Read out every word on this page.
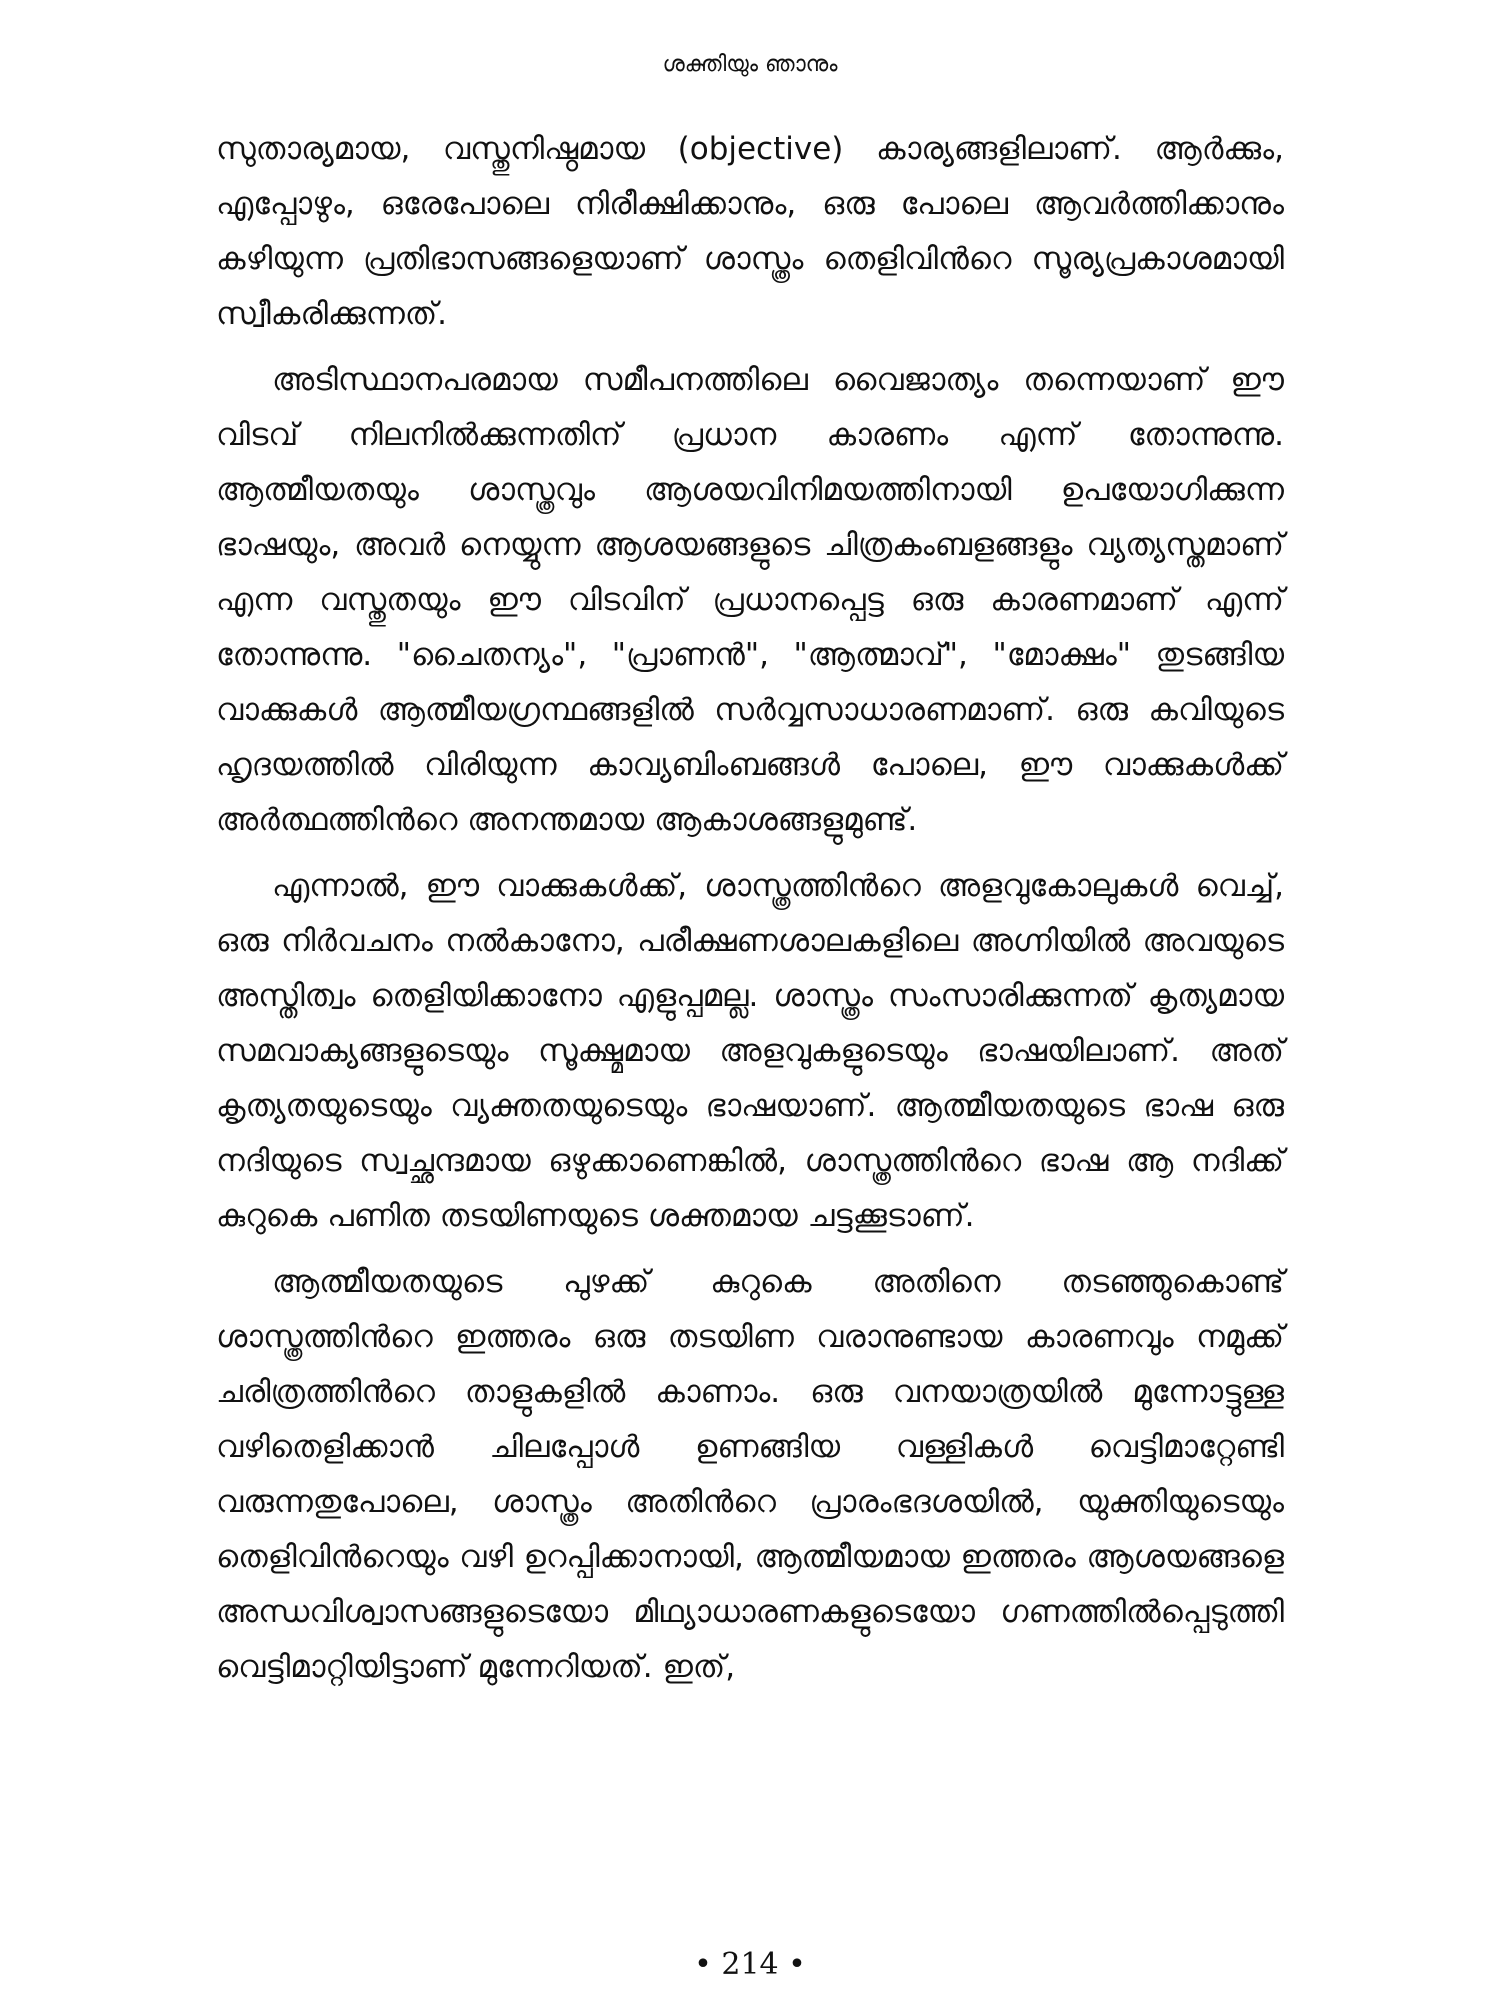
ശക്തിയും ഞാനും

സുതാര്യമായ, വസ്തുനിഷ്ഠമായ (objective) കാര്യങ്ങളിലാണ്. ആർക്കും, എപ്പോഴും, ഒരേപോലെ നിരീക്ഷിക്കാനും, ഒരു പോലെ ആവർത്തിക്കാനും കഴിയുന്ന പ്രതിഭാസങ്ങളെയാണ് ശാസ്ത്രം തെളിവിൻറെ സൂര്യപ്രകാശമായി സ്വീകരിക്കുന്നത്.

അടിസ്ഥാനപരമായ സമീപനത്തിലെ വൈജാത്യം തന്നെയാണ് ഈ വിടവ് നിലനിൽക്കുന്നതിന് പ്രധാന കാരണം എന്ന് തോന്നുന്നു. ആത്മീയതയും ശാസ്ത്രവും ആശയവിനിമയത്തിനായി ഉപയോഗിക്കുന്ന ഭാഷയും, അവർ നെയ്യുന്ന ആശയങ്ങളുടെ ചിത്രകംബളങ്ങളും വ്യത്യസ്തമാണ് എന്ന വസ്തുതയും ഈ വിടവിന് പ്രധാനപ്പെട്ട ഒരു കാരണമാണ് എന്ന് തോന്നുന്നു. "ചൈതന്യം", "പ്രാണൻ", "ആത്മാവ്", "മോക്ഷം" തുടങ്ങിയ വാക്കുകൾ ആത്മീയഗ്രന്ഥങ്ങളിൽ സർവ്വസാധാരണമാണ്. ഒരു കവിയുടെ ഹൃദയത്തിൽ വിരിയുന്ന കാവ്യബിംബങ്ങൾ പോലെ, ഈ വാക്കുകൾക്ക് അർത്ഥത്തിൻറെ അനന്തമായ ആകാശങ്ങളുമുണ്ട്.

എന്നാൽ, ഈ വാക്കുകൾക്ക്, ശാസ്ത്രത്തിൻറെ അളവുകോലുകൾ വെച്ച്, ഒരു നിർവചനം നൽകാനോ, പരീക്ഷണശാലകളിലെ അഗ്നിയിൽ അവയുടെ അസ്തിത്വം തെളിയിക്കാനോ എളുപ്പമല്ല. ശാസ്ത്രം സംസാരിക്കുന്നത് കൃത്യമായ സമവാക്യങ്ങളുടെയും സൂക്ഷ്മമായ അളവുകളുടെയും ഭാഷയിലാണ്. അത് കൃത്യതയുടെയും വ്യക്തതയുടെയും ഭാഷയാണ്. ആത്മീയതയുടെ ഭാഷ ഒരു നദിയുടെ സ്വച്ഛന്ദമായ ഒഴുക്കാണെങ്കിൽ, ശാസ്ത്രത്തിൻറെ ഭാഷ ആ നദിക്ക് കുറുകെ പണിത തടയിണയുടെ ശക്തമായ ചട്ടക്കൂടാണ്.

ആത്മീയതയുടെ പുഴക്ക് കുറുകെ അതിനെ തടഞ്ഞുകൊണ്ട് ശാസ്ത്രത്തിൻറെ ഇത്തരം ഒരു തടയിണ വരാനുണ്ടായ കാരണവും നമുക്ക് ചരിത്രത്തിൻറെ താളുകളിൽ കാണാം. ഒരു വനയാത്രയിൽ മുന്നോട്ടുള്ള വഴിതെളിക്കാൻ ചിലപ്പോൾ ഉണങ്ങിയ വള്ളികൾ വെട്ടിമാറ്റേണ്ടി വരുന്നതുപോലെ, ശാസ്ത്രം അതിൻറെ പ്രാരംഭദശയിൽ, യുക്തിയുടെയും തെളിവിൻറെയും വഴി ഉറപ്പിക്കാനായി, ആത്മീയമായ ഇത്തരം ആശയങ്ങളെ അന്ധവിശ്വാസങ്ങളുടെയോ മിഥ്യാധാരണകളുടെയോ ഗണത്തിൽപ്പെടുത്തി വെട്ടിമാറ്റിയിട്ടാണ് മുന്നേറിയത്. ഇത്,

• 214 •
